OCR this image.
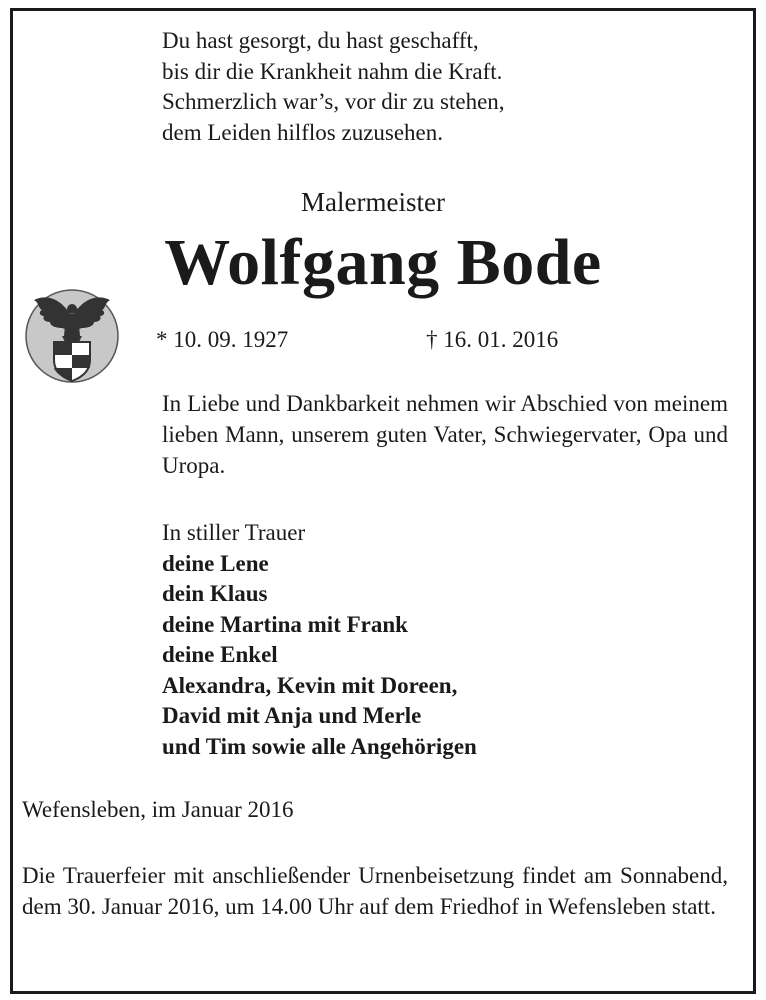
Du hast gesorgt, du hast geschafft,
bis dir die Krankheit nahm die Kraft.
Schmerzlich war’s, vor dir zu stehen,
dem Leiden hilflos zuzusehen.
Malermeister
Wolfgang Bode
* 10. 09. 1927	† 16. 01. 2016
In Liebe und Dankbarkeit nehmen wir Abschied von meinem lieben Mann, unserem guten Vater, Schwiegervater, Opa und Uropa.
In stiller Trauer
deine Lene
dein Klaus
deine Martina mit Frank
deine Enkel
Alexandra, Kevin mit Doreen,
David mit Anja und Merle
und Tim sowie alle Angehörigen
Wefensleben, im Januar 2016
Die Trauerfeier mit anschließender Urnenbeisetzung findet am Sonnabend, dem 30. Januar 2016, um 14.00 Uhr auf dem Friedhof in Wefensleben statt.
